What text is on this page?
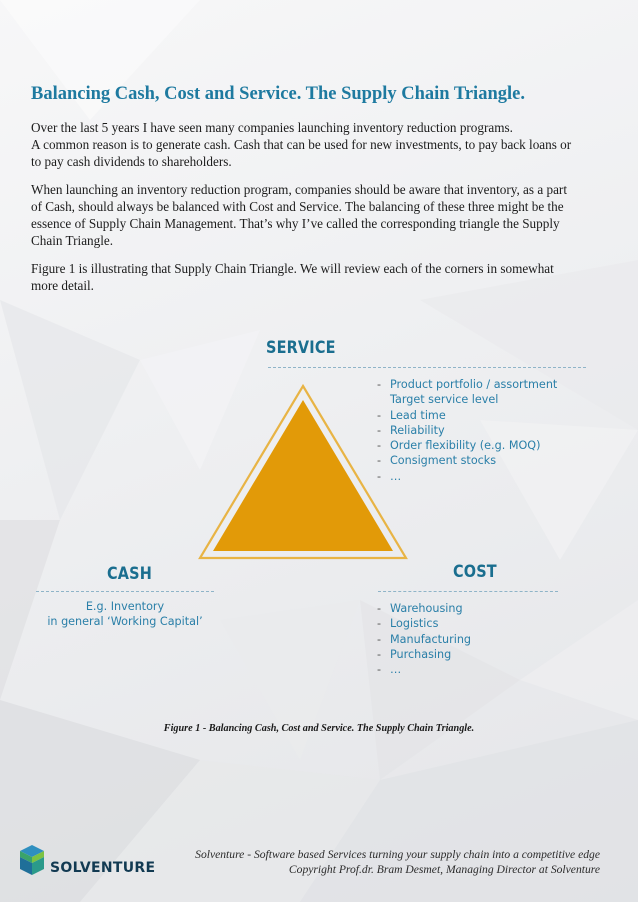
Balancing Cash, Cost and Service. The Supply Chain Triangle.

Over the last 5 years I have seen many companies launching inventory reduction programs.
A common reason is to generate cash. Cash that can be used for new investments, to pay back loans or
to pay cash dividends to shareholders.

When launching an inventory reduction program, companies should be aware that inventory, as a part
of Cash, should always be balanced with Cost and Service. The balancing of these three might be the
essence of Supply Chain Management. That’s why I’ve called the corresponding triangle the Supply
Chain Triangle.

Figure 1 is illustrating that Supply Chain Triangle. We will review each of the corners in somewhat
more detail.

SERVICE
- Product portfolio / assortment
Target service level
- Lead time
- Reliability
- Order flexibility (e.g. MOQ)
- Consigment stocks
- …
CASH
E.g. Inventory
in general ‘Working Capital’
COST
- Warehousing
- Logistics
- Manufacturing
- Purchasing
- …

Figure 1 - Balancing Cash, Cost and Service. The Supply Chain Triangle.

SOLVENTURE
Solventure - Software based Services turning your supply chain into a competitive edge
Copyright Prof.dr. Bram Desmet, Managing Director at Solventure
